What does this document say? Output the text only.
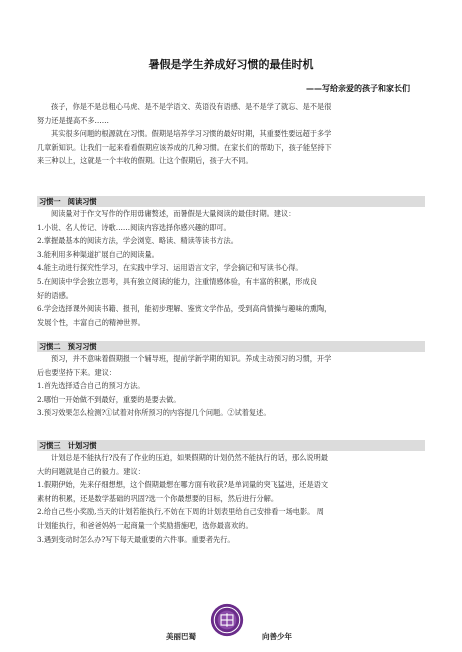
暑假是学生养成好习惯的最佳时机
——写给亲爱的孩子和家长们
孩子，你是不是总粗心马虎、是不是学语文、英语没有语感、是不是学了就忘、是不是很
努力还是提高不多……
其实很多问题的根源就在习惯。假期是培养学习习惯的最好时期，其重要性要远超于多学
几章新知识。让我们一起来看看假期应该养成的几种习惯。在家长们的帮助下，孩子能坚持下
来三种以上，这就是一个丰收的假期。让这个假期后，孩子大不同。
习惯一　阅读习惯
阅读量对于作文写作的作用毋庸赘述，而暑假是大量阅读的最佳时期。建议：
1.小说、名人传记、诗歌……阅读内容选择你感兴趣的即可。
2.掌握最基本的阅读方法，学会浏览、略读、精读等读书方法。
3.能利用多种渠道扩展自己的阅读量。
4.能主动进行探究性学习，在实践中学习、运用语言文字，学会摘记和写读书心得。
5.在阅读中学会独立思考，具有独立阅读的能力，注重情感体验，有丰富的积累，形成良
好的语感。
6.学会选择课外阅读书籍、报刊，能初步理解、鉴赏文学作品，受到高尚情操与趣味的熏陶，
发展个性，丰富自己的精神世界。
习惯二　预习习惯
预习，并不意味着假期报一个辅导班，提前学新学期的知识。养成主动预习的习惯，开学
后也要坚持下来。建议：
1.首先选择适合自己的预习方法。
2.哪怕一开始做不到最好，重要的是要去做。
3.预习效果怎么检测?①试着对你所预习的内容提几个问题。②试着复述。
习惯三　计划习惯
计划总是不能执行?没有了作业的压迫，如果假期的计划仍然不能执行的话，那么说明最
大的问题就是自己的毅力。建议：
1.假期伊始，先来仔细想想，这个假期最想在哪方面有收获?是单词量的突飞猛进，还是语文
素材的积累，还是数学基础的巩固?选一个你最想要的目标，然后进行分解。
2.给自己些小奖励,当天的计划若能执行,不妨在下周的计划表里给自己安排看一场电影。 周
计划能执行，和爸爸妈妈一起商量一个奖励措施吧，选你最喜欢的。
3.遇到变动时怎么办?写下每天最重要的六件事。重要者先行。
美丽巴蜀	向善少年
